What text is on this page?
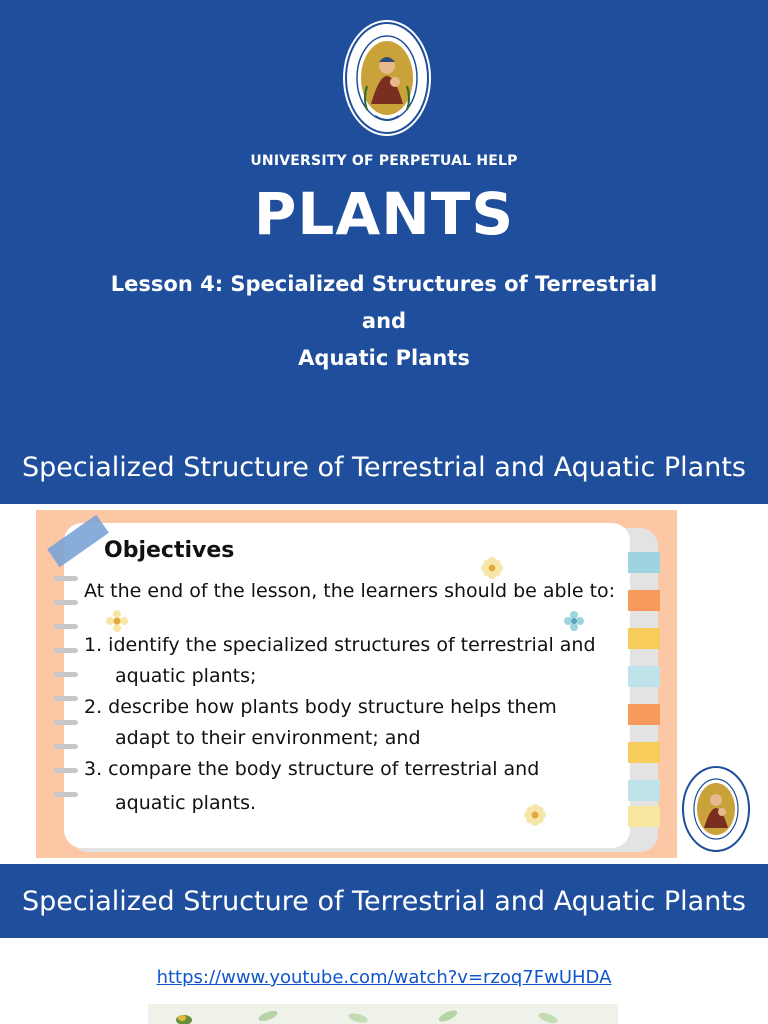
UNIVERSITY OF PERPETUAL HELP
PLANTS
Lesson 4: Specialized Structures of Terrestrial and
Aquatic Plants
Specialized Structure of Terrestrial and Aquatic Plants
Objectives
At the end of the lesson, the learners should be able to:
1. identify the specialized structures of terrestrial and
aquatic plants;
2. describe how plants body structure helps them
adapt to their environment; and
3. compare the body structure of terrestrial and
aquatic plants.
Specialized Structure of Terrestrial and Aquatic Plants
https://www.youtube.com/watch?v=rzoq7FwUHDA
